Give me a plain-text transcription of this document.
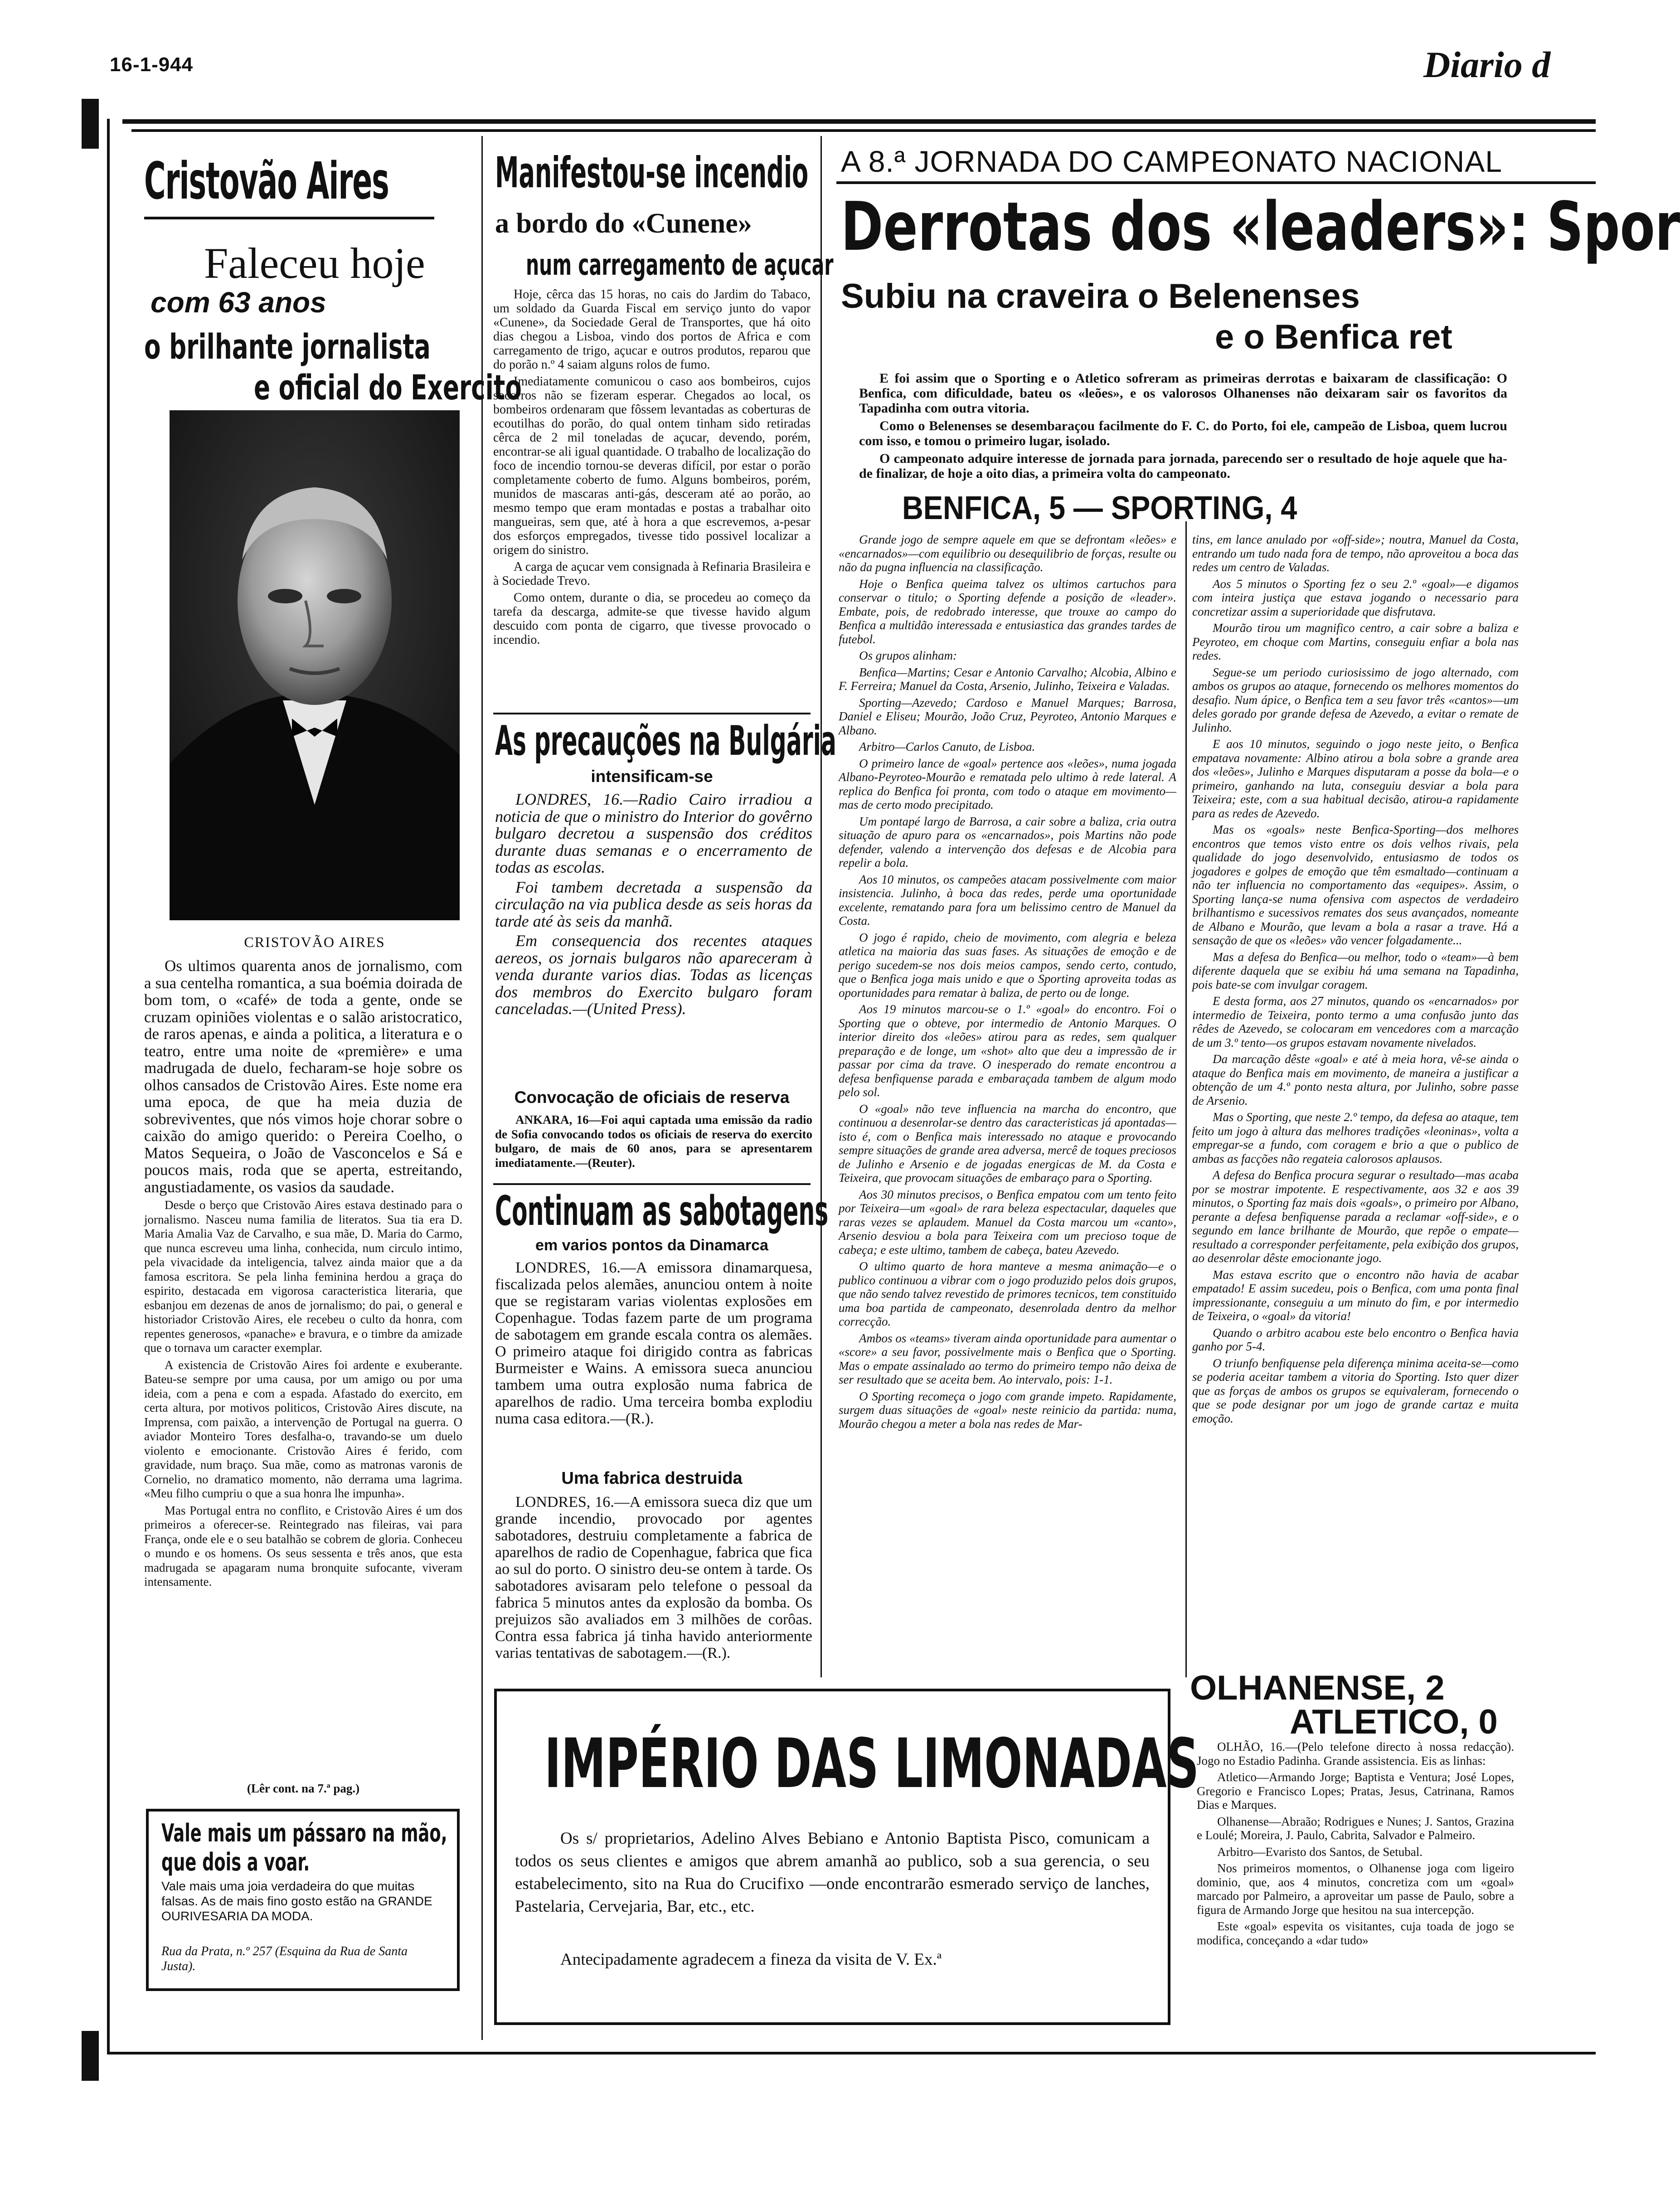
16-1-944	Diario d
Cristovão Aires
Faleceu hoje
com 63 anos
o brilhante jornalista
e oficial do Exercito
CRISTOVÃO AIRES

Os ultimos quarenta anos de jornalismo, com a sua centelha romantica, a sua boémia doirada de bom tom, o «café» de toda a gente, onde se cruzam opiniões violentas e o salão aristocratico, de raros apenas, e ainda a politica, a literatura e o teatro, entre uma noite de «première» e uma madrugada de duelo, fecharam-se hoje sobre os olhos cansados de Cristovão Aires. Este nome era uma epoca, de que ha meia duzia de sobreviventes, que nós vimos hoje chorar sobre o caixão do amigo querido: o Pereira Coelho, o Matos Sequeira, o João de Vasconcelos e Sá e poucos mais, roda que se aperta, estreitando, angustiadamente, os vasios da saudade.

Desde o berço que Cristovão Aires estava destinado para o jornalismo. Nasceu numa familia de literatos. Sua tia era D. Maria Amalia Vaz de Carvalho, e sua mãe, D. Maria do Carmo, que nunca escreveu uma linha, conhecida, num circulo intimo, pela vivacidade da inteligencia, talvez ainda maior que a da famosa escritora. Se pela linha feminina herdou a graça do espirito, destacada em vigorosa caracteristica literaria, que esbanjou em dezenas de anos de jornalismo; do pai, o general e historiador Cristovão Aires, ele recebeu o culto da honra, com repentes generosos, «panache» e bravura, e o timbre da amizade que o tornava um caracter exemplar.

A existencia de Cristovão Aires foi ardente e exuberante. Bateu-se sempre por uma causa, por um amigo ou por uma ideia, com a pena e com a espada. Afastado do exercito, em certa altura, por motivos politicos, Cristovão Aires discute, na Imprensa, com paixão, a intervenção de Portugal na guerra. O aviador Monteiro Tores desfalha-o, travando-se um duelo violento e emocionante. Cristovão Aires é ferido, com gravidade, num braço. Sua mãe, como as matronas varonis de Cornelio, no dramatico momento, não derrama uma lagrima. «Meu filho cumpriu o que a sua honra lhe impunha».

Mas Portugal entra no conflito, e Cristovão Aires é um dos primeiros a oferecer-se. Reintegrado nas fileiras, vai para França, onde ele e o seu batalhão se cobrem de gloria. Conheceu o mundo e os homens. Os seus sessenta e três anos, que esta madrugada se apagaram numa bronquite sufocante, viveram intensamente.

(Lêr cont. na 7.ª pag.)
Vale mais um pássaro na mão,
que dois a voar.
Vale mais uma joia verdadeira do que muitas falsas. As de mais fino gosto estão na GRANDE OURIVESARIA DA MODA.
Rua da Prata, n.º 257 (Esquina da Rua de Santa Justa).
Manifestou-se incendio
a bordo do «Cunene»
num carregamento de açucar

Hoje, cêrca das 15 horas, no cais do Jardim do Tabaco, um soldado da Guarda Fiscal em serviço junto do vapor «Cunene», da Sociedade Geral de Transportes, que há oito dias chegou a Lisboa, vindo dos portos de Africa e com carregamento de trigo, açucar e outros produtos, reparou que do porão n.º 4 saiam alguns rolos de fumo.

Imediatamente comunicou o caso aos bombeiros, cujos socorros não se fizeram esperar. Chegados ao local, os bombeiros ordenaram que fôssem levantadas as coberturas de ecoutilhas do porão, do qual ontem tinham sido retiradas cêrca de 2 mil toneladas de açucar, devendo, porém, encontrar-se ali igual quantidade. O trabalho de localização do foco de incendio tornou-se deveras difícil, por estar o porão completamente coberto de fumo. Alguns bombeiros, porém, munidos de mascaras anti-gás, desceram até ao porão, ao mesmo tempo que eram montadas e postas a trabalhar oito mangueiras, sem que, até à hora a que escrevemos, a-pesar dos esforços empregados, tivesse tido possivel localizar a origem do sinistro.

A carga de açucar vem consignada à Refinaria Brasileira e à Sociedade Trevo.

Como ontem, durante o dia, se procedeu ao começo da tarefa da descarga, admite-se que tivesse havido algum descuido com ponta de cigarro, que tivesse provocado o incendio.

As precauções na Bulgária
intensificam-se

LONDRES, 16.—Radio Cairo irradiou a noticia de que o ministro do Interior do govêrno bulgaro decretou a suspensão dos créditos durante duas semanas e o encerramento de todas as escolas.

Foi tambem decretada a suspensão da circulação na via publica desde as seis horas da tarde até às seis da manhã.

Em consequencia dos recentes ataques aereos, os jornais bulgaros não apareceram à venda durante varios dias. Todas as licenças dos membros do Exercito bulgaro foram canceladas.—(United Press).

Convocação de oficiais de reserva
ANKARA, 16—Foi aqui captada uma emissão da radio de Sofia convocando todos os oficiais de reserva do exercito bulgaro, de mais de 60 anos, para se apresentarem imediatamente.—(Reuter).
Continuam as sabotagens
em varios pontos da Dinamarca

LONDRES, 16.—A emissora dinamarquesa, fiscalizada pelos alemães, anunciou ontem à noite que se registaram varias violentas explosões em Copenhague. Todas fazem parte de um programa de sabotagem em grande escala contra os alemães. O primeiro ataque foi dirigido contra as fabricas Burmeister e Wains. A emissora sueca anunciou tambem uma outra explosão numa fabrica de aparelhos de radio. Uma terceira bomba explodiu numa casa editora.—(R.).

Uma fabrica destruida
LONDRES, 16.—A emissora sueca diz que um grande incendio, provocado por agentes sabotadores, destruiu completamente a fabrica de aparelhos de radio de Copenhague, fabrica que fica ao sul do porto. O sinistro deu-se ontem à tarde. Os sabotadores avisaram pelo telefone o pessoal da fabrica 5 minutos antes da explosão da bomba. Os prejuizos são avaliados em 3 milhões de corôas. Contra essa fabrica já tinha havido anteriormente varias tentativas de sabotagem.—(R.).
A 8.ª JORNADA DO CAMPEONATO NACIONAL
Derrotas dos «leaders»: Spor
Subiu na craveira o Belenenses
e o Benfica ret

E foi assim que o Sporting e o Atletico sofreram as primeiras derrotas e baixaram de classificação: O Benfica, com dificuldade, bateu os «leões», e os valorosos Olhanenses não deixaram sair os favoritos da Tapadinha com outra vitoria.

Como o Belenenses se desembaraçou facilmente do F. C. do Porto, foi ele, campeão de Lisboa, quem lucrou com isso, e tomou o primeiro lugar, isolado.

O campeonato adquire interesse de jornada para jornada, parecendo ser o resultado de hoje aquele que ha-de finalizar, de hoje a oito dias, a primeira volta do campeonato.

BENFICA, 5 — SPORTING, 4

Grande jogo de sempre aquele em que se defrontam «leões» e «encarnados»—com equilibrio ou desequilibrio de forças, resulte ou não da pugna influencia na classificação.

Hoje o Benfica queima talvez os ultimos cartuchos para conservar o titulo; o Sporting defende a posição de «leader». Embate, pois, de redobrado interesse, que trouxe ao campo do Benfica a multidão interessada e entusiastica das grandes tardes de futebol.

Os grupos alinham:

Benfica—Martins; Cesar e Antonio Carvalho; Alcobia, Albino e F. Ferreira; Manuel da Costa, Arsenio, Julinho, Teixeira e Valadas.

Sporting—Azevedo; Cardoso e Manuel Marques; Barrosa, Daniel e Eliseu; Mourão, João Cruz, Peyroteo, Antonio Marques e Albano.

Arbitro—Carlos Canuto, de Lisboa.

O primeiro lance de «goal» pertence aos «leões», numa jogada Albano-Peyroteo-Mourão e rematada pelo ultimo à rede lateral. A replica do Benfica foi pronta, com todo o ataque em movimento—mas de certo modo precipitado.

Um pontapé largo de Barrosa, a cair sobre a baliza, cria outra situação de apuro para os «encarnados», pois Martins não pode defender, valendo a intervenção dos defesas e de Alcobia para repelir a bola.

Aos 10 minutos, os campeões atacam possivelmente com maior insistencia. Julinho, à boca das redes, perde uma oportunidade excelente, rematando para fora um belissimo centro de Manuel da Costa.

O jogo é rapido, cheio de movimento, com alegria e beleza atletica na maioria das suas fases. As situações de emoção e de perigo sucedem-se nos dois meios campos, sendo certo, contudo, que o Benfica joga mais unido e que o Sporting aproveita todas as oportunidades para rematar à baliza, de perto ou de longe.

Aos 19 minutos marcou-se o 1.º «goal» do encontro. Foi o Sporting que o obteve, por intermedio de Antonio Marques. O interior direito dos «leões» atirou para as redes, sem qualquer preparação e de longe, um «shot» alto que deu a impressão de ir passar por cima da trave. O inesperado do remate encontrou a defesa benfiquense parada e embaraçada tambem de algum modo pelo sol.

O «goal» não teve influencia na marcha do encontro, que continuou a desenrolar-se dentro das caracteristicas já apontadas—isto é, com o Benfica mais interessado no ataque e provocando sempre situações de grande area adversa, mercê de toques preciosos de Julinho e Arsenio e de jogadas energicas de M. da Costa e Teixeira, que provocam situações de embaraço para o Sporting.

Aos 30 minutos precisos, o Benfica empatou com um tento feito por Teixeira—um «goal» de rara beleza espectacular, daqueles que raras vezes se aplaudem. Manuel da Costa marcou um «canto», Arsenio desviou a bola para Teixeira com um precioso toque de cabeça; e este ultimo, tambem de cabeça, bateu Azevedo.

O ultimo quarto de hora manteve a mesma animação—e o publico continuou a vibrar com o jogo produzido pelos dois grupos, que não sendo talvez revestido de primores tecnicos, tem constituido uma boa partida de campeonato, desenrolada dentro da melhor correcção.

Ambos os «teams» tiveram ainda oportunidade para aumentar o «score» a seu favor, possivelmente mais o Benfica que o Sporting. Mas o empate assinalado ao termo do primeiro tempo não deixa de ser resultado que se aceita bem. Ao intervalo, pois: 1-1.

O Sporting recomeça o jogo com grande impeto. Rapidamente, surgem duas situações de «goal» neste reinicio da partida: numa, Mourão chegou a meter a bola nas redes de Mar-

tins, em lance anulado por «off-side»; noutra, Manuel da Costa, entrando um tudo nada fora de tempo, não aproveitou a boca das redes um centro de Valadas.

Aos 5 minutos o Sporting fez o seu 2.º «goal»—e digamos com inteira justiça que estava jogando o necessario para concretizar assim a superioridade que disfrutava.

Mourão tirou um magnifico centro, a cair sobre a baliza e Peyroteo, em choque com Martins, conseguiu enfiar a bola nas redes.

Segue-se um periodo curiosissimo de jogo alternado, com ambos os grupos ao ataque, fornecendo os melhores momentos do desafio. Num ápice, o Benfica tem a seu favor três «cantos»—um deles gorado por grande defesa de Azevedo, a evitar o remate de Julinho.

E aos 10 minutos, seguindo o jogo neste jeito, o Benfica empatava novamente: Albino atirou a bola sobre a grande area dos «leões», Julinho e Marques disputaram a posse da bola—e o primeiro, ganhando na luta, conseguiu desviar a bola para Teixeira; este, com a sua habitual decisão, atirou-a rapidamente para as redes de Azevedo.

Mas os «goals» neste Benfica-Sporting—dos melhores encontros que temos visto entre os dois velhos rivais, pela qualidade do jogo desenvolvido, entusiasmo de todos os jogadores e golpes de emoção que têm esmaltado—continuam a não ter influencia no comportamento das «equipes». Assim, o Sporting lança-se numa ofensiva com aspectos de verdadeiro brilhantismo e sucessivos remates dos seus avançados, nomeante de Albano e Mourão, que levam a bola a rasar a trave. Há a sensação de que os «leões» vão vencer folgadamente...

Mas a defesa do Benfica—ou melhor, todo o «team»—à bem diferente daquela que se exibiu há uma semana na Tapadinha, pois bate-se com invulgar coragem.

E desta forma, aos 27 minutos, quando os «encarnados» por intermedio de Teixeira, ponto termo a uma confusão junto das rêdes de Azevedo, se colocaram em vencedores com a marcação de um 3.º tento—os grupos estavam novamente nivelados.

Da marcação dêste «goal» e até à meia hora, vê-se ainda o ataque do Benfica mais em movimento, de maneira a justificar a obtenção de um 4.º ponto nesta altura, por Julinho, sobre passe de Arsenio.

Mas o Sporting, que neste 2.º tempo, da defesa ao ataque, tem feito um jogo à altura das melhores tradições «leoninas», volta a empregar-se a fundo, com coragem e brio a que o publico de ambas as facções não regateia calorosos aplausos.

A defesa do Benfica procura segurar o resultado—mas acaba por se mostrar impotente. E respectivamente, aos 32 e aos 39 minutos, o Sporting faz mais dois «goals», o primeiro por Albano, perante a defesa benfiquense parada a reclamar «off-side», e o segundo em lance brilhante de Mourão, que repõe o empate—resultado a corresponder perfeitamente, pela exibição dos grupos, ao desenrolar dêste emocionante jogo.

Mas estava escrito que o encontro não havia de acabar empatado! E assim sucedeu, pois o Benfica, com uma ponta final impressionante, conseguiu a um minuto do fim, e por intermedio de Teixeira, o «goal» da vitoria!

Quando o arbitro acabou este belo encontro o Benfica havia ganho por 5-4.

O triunfo benfiquense pela diferença minima aceita-se—como se poderia aceitar tambem a vitoria do Sporting. Isto quer dizer que as forças de ambos os grupos se equivaleram, fornecendo o que se pode designar por um jogo de grande cartaz e muita emoção.

OLHANENSE, 2
ATLETICO, 0

OLHÃO, 16.—(Pelo telefone directo à nossa redacção). Jogo no Estadio Padinha. Grande assistencia. Eis as linhas:

Atletico—Armando Jorge; Baptista e Ventura; José Lopes, Gregorio e Francisco Lopes; Pratas, Jesus, Catrinana, Ramos Dias e Marques.

Olhanense—Abraão; Rodrigues e Nunes; J. Santos, Grazina e Loulé; Moreira, J. Paulo, Cabrita, Salvador e Palmeiro.

Arbitro—Evaristo dos Santos, de Setubal.

Nos primeiros momentos, o Olhanense joga com ligeiro dominio, que, aos 4 minutos, concretiza com um «goal» marcado por Palmeiro, a aproveitar um passe de Paulo, sobre a figura de Armando Jorge que hesitou na sua intercepção.

Este «goal» espevita os visitantes, cuja toada de jogo se modifica, conceçando a «dar tudo»

IMPÉRIO DAS LIMONADAS
Os s/ proprietarios, Adelino Alves Bebiano e Antonio Baptista Pisco, comunicam a todos os seus clientes e amigos que abrem amanhã ao publico, sob a sua gerencia, o seu estabelecimento, sito na Rua do Crucifixo —onde encontrarão esmerado serviço de lanches, Pastelaria, Cervejaria, Bar, etc., etc.
Antecipadamente agradecem a fineza da visita de V. Ex.ª
